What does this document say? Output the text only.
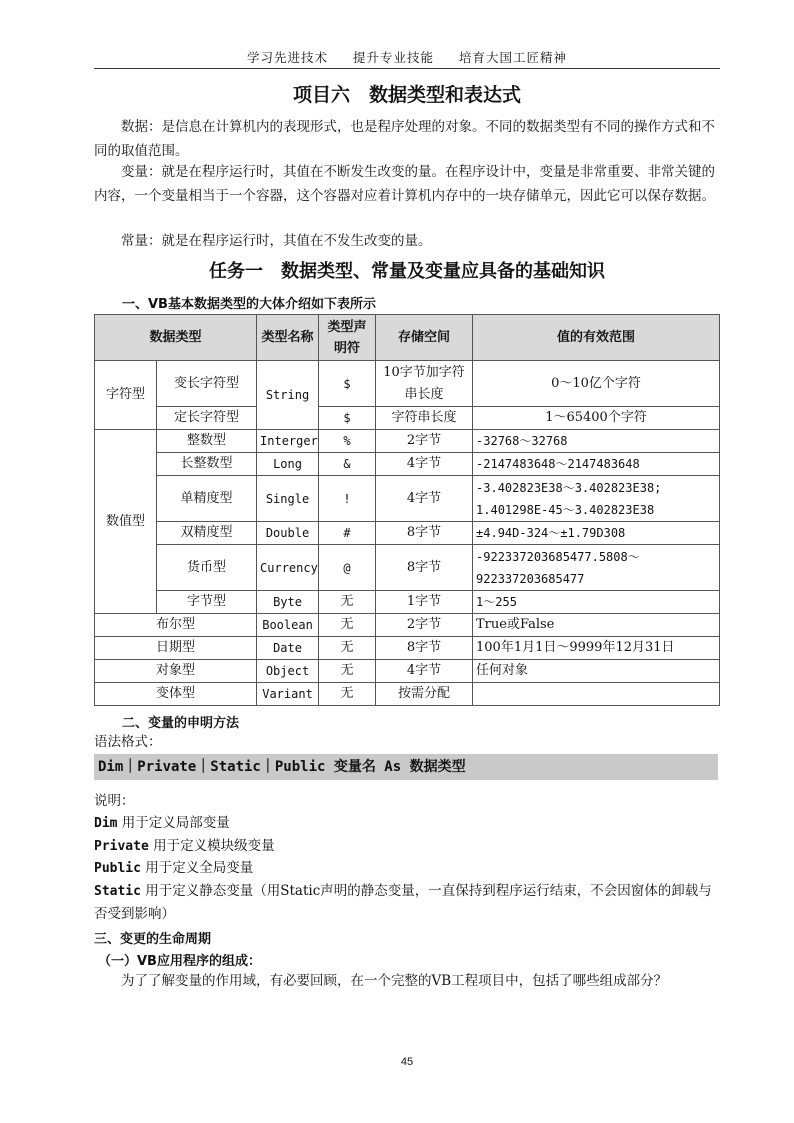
学习先进技术 提升专业技能 培育大国工匠精神
项目六　数据类型和表达式
数据：是信息在计算机内的表现形式，也是程序处理的对象。不同的数据类型有不同的操作方式和不同的取值范围。
变量：就是在程序运行时，其值在不断发生改变的量。在程序设计中，变量是非常重要、非常关键的内容，一个变量相当于一个容器，这个容器对应着计算机内存中的一块存储单元，因此它可以保存数据。
常量：就是在程序运行时，其值在不发生改变的量。
任务一　数据类型、常量及变量应具备的基础知识
一、VB基本数据类型的大体介绍如下表所示
数据类型		类型名称	类型声明符	存储空间	值的有效范围
字符型	变长字符型	String	$	10字节加字符串长度	0～10亿个字符
	定长字符型		$	字符串长度	1～65400个字符
数值型	整数型	Interger	%	2字节	-32768～32768
	长整数型	Long	&	4字节	-2147483648～2147483648
	单精度型	Single	!	4字节	-3.402823E38～3.402823E38;
1.401298E-45～3.402823E38

	双精度型	Double	#	8字节	±4.94D-324～±1.79D308
	货币型	Currency	@	8字节	-922337203685477.5808～
922337203685477

	字节型	Byte	无	1字节	1～255
布尔型		Boolean	无	2字节	True或False
日期型		Date	无	8字节	100年1月1日～9999年12月31日
对象型		Object	无	4字节	任何对象
变体型		Variant	无	按需分配	
二、变量的申明方法
语法格式：
Dim｜Private｜Static｜Public 变量名 As 数据类型
说明：
Dim 用于定义局部变量
Private 用于定义模块级变量
Public 用于定义全局变量
Static 用于定义静态变量（用Static声明的静态变量，一直保持到程序运行结束，不会因窗体的卸载与否受到影响）
三、变更的生命周期
（一）VB应用程序的组成：
为了了解变量的作用域，有必要回顾，在一个完整的VB工程项目中，包括了哪些组成部分？
45
